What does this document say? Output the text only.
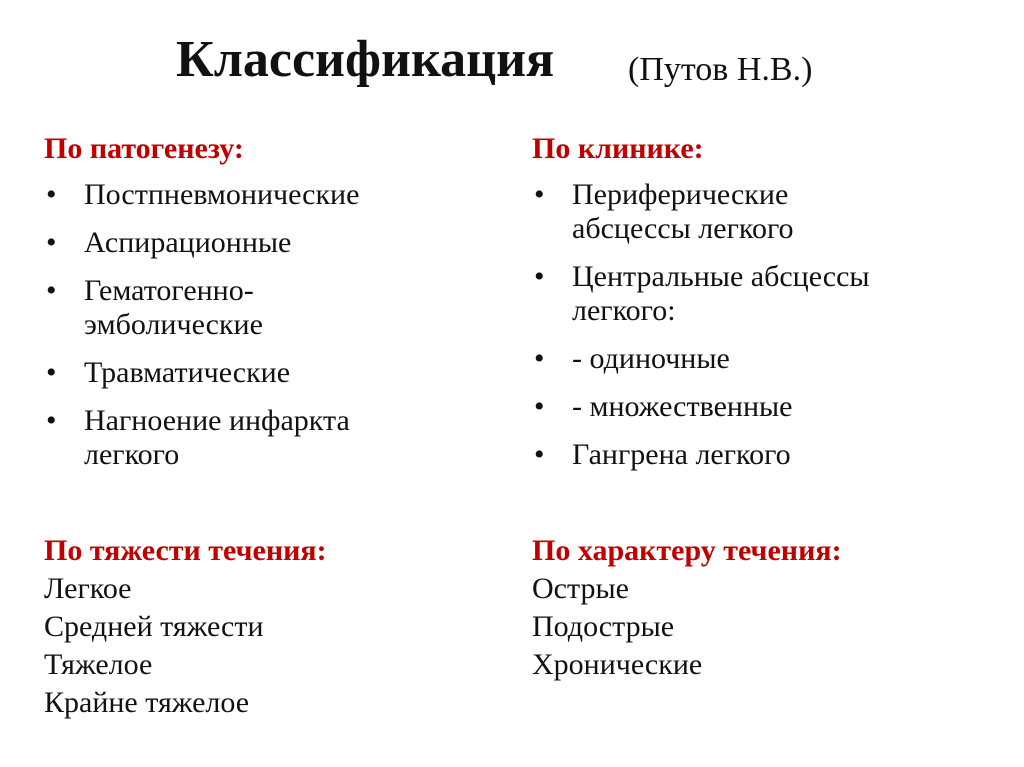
Классификация (Путов Н.В.)
По патогенезу:
• Постпневмонические
• Аспирационные
• Гематогенно-
эмболические
• Травматические
• Нагноение инфаркта
легкого
По клинике:
• Периферические
абсцессы легкого
• Центральные абсцессы
легкого:
• - одиночные
• - множественные
• Гангрена легкого
По тяжести течения:
Легкое
Средней тяжести
Тяжелое
Крайне тяжелое
По характеру течения:
Острые
Подострые
Хронические
